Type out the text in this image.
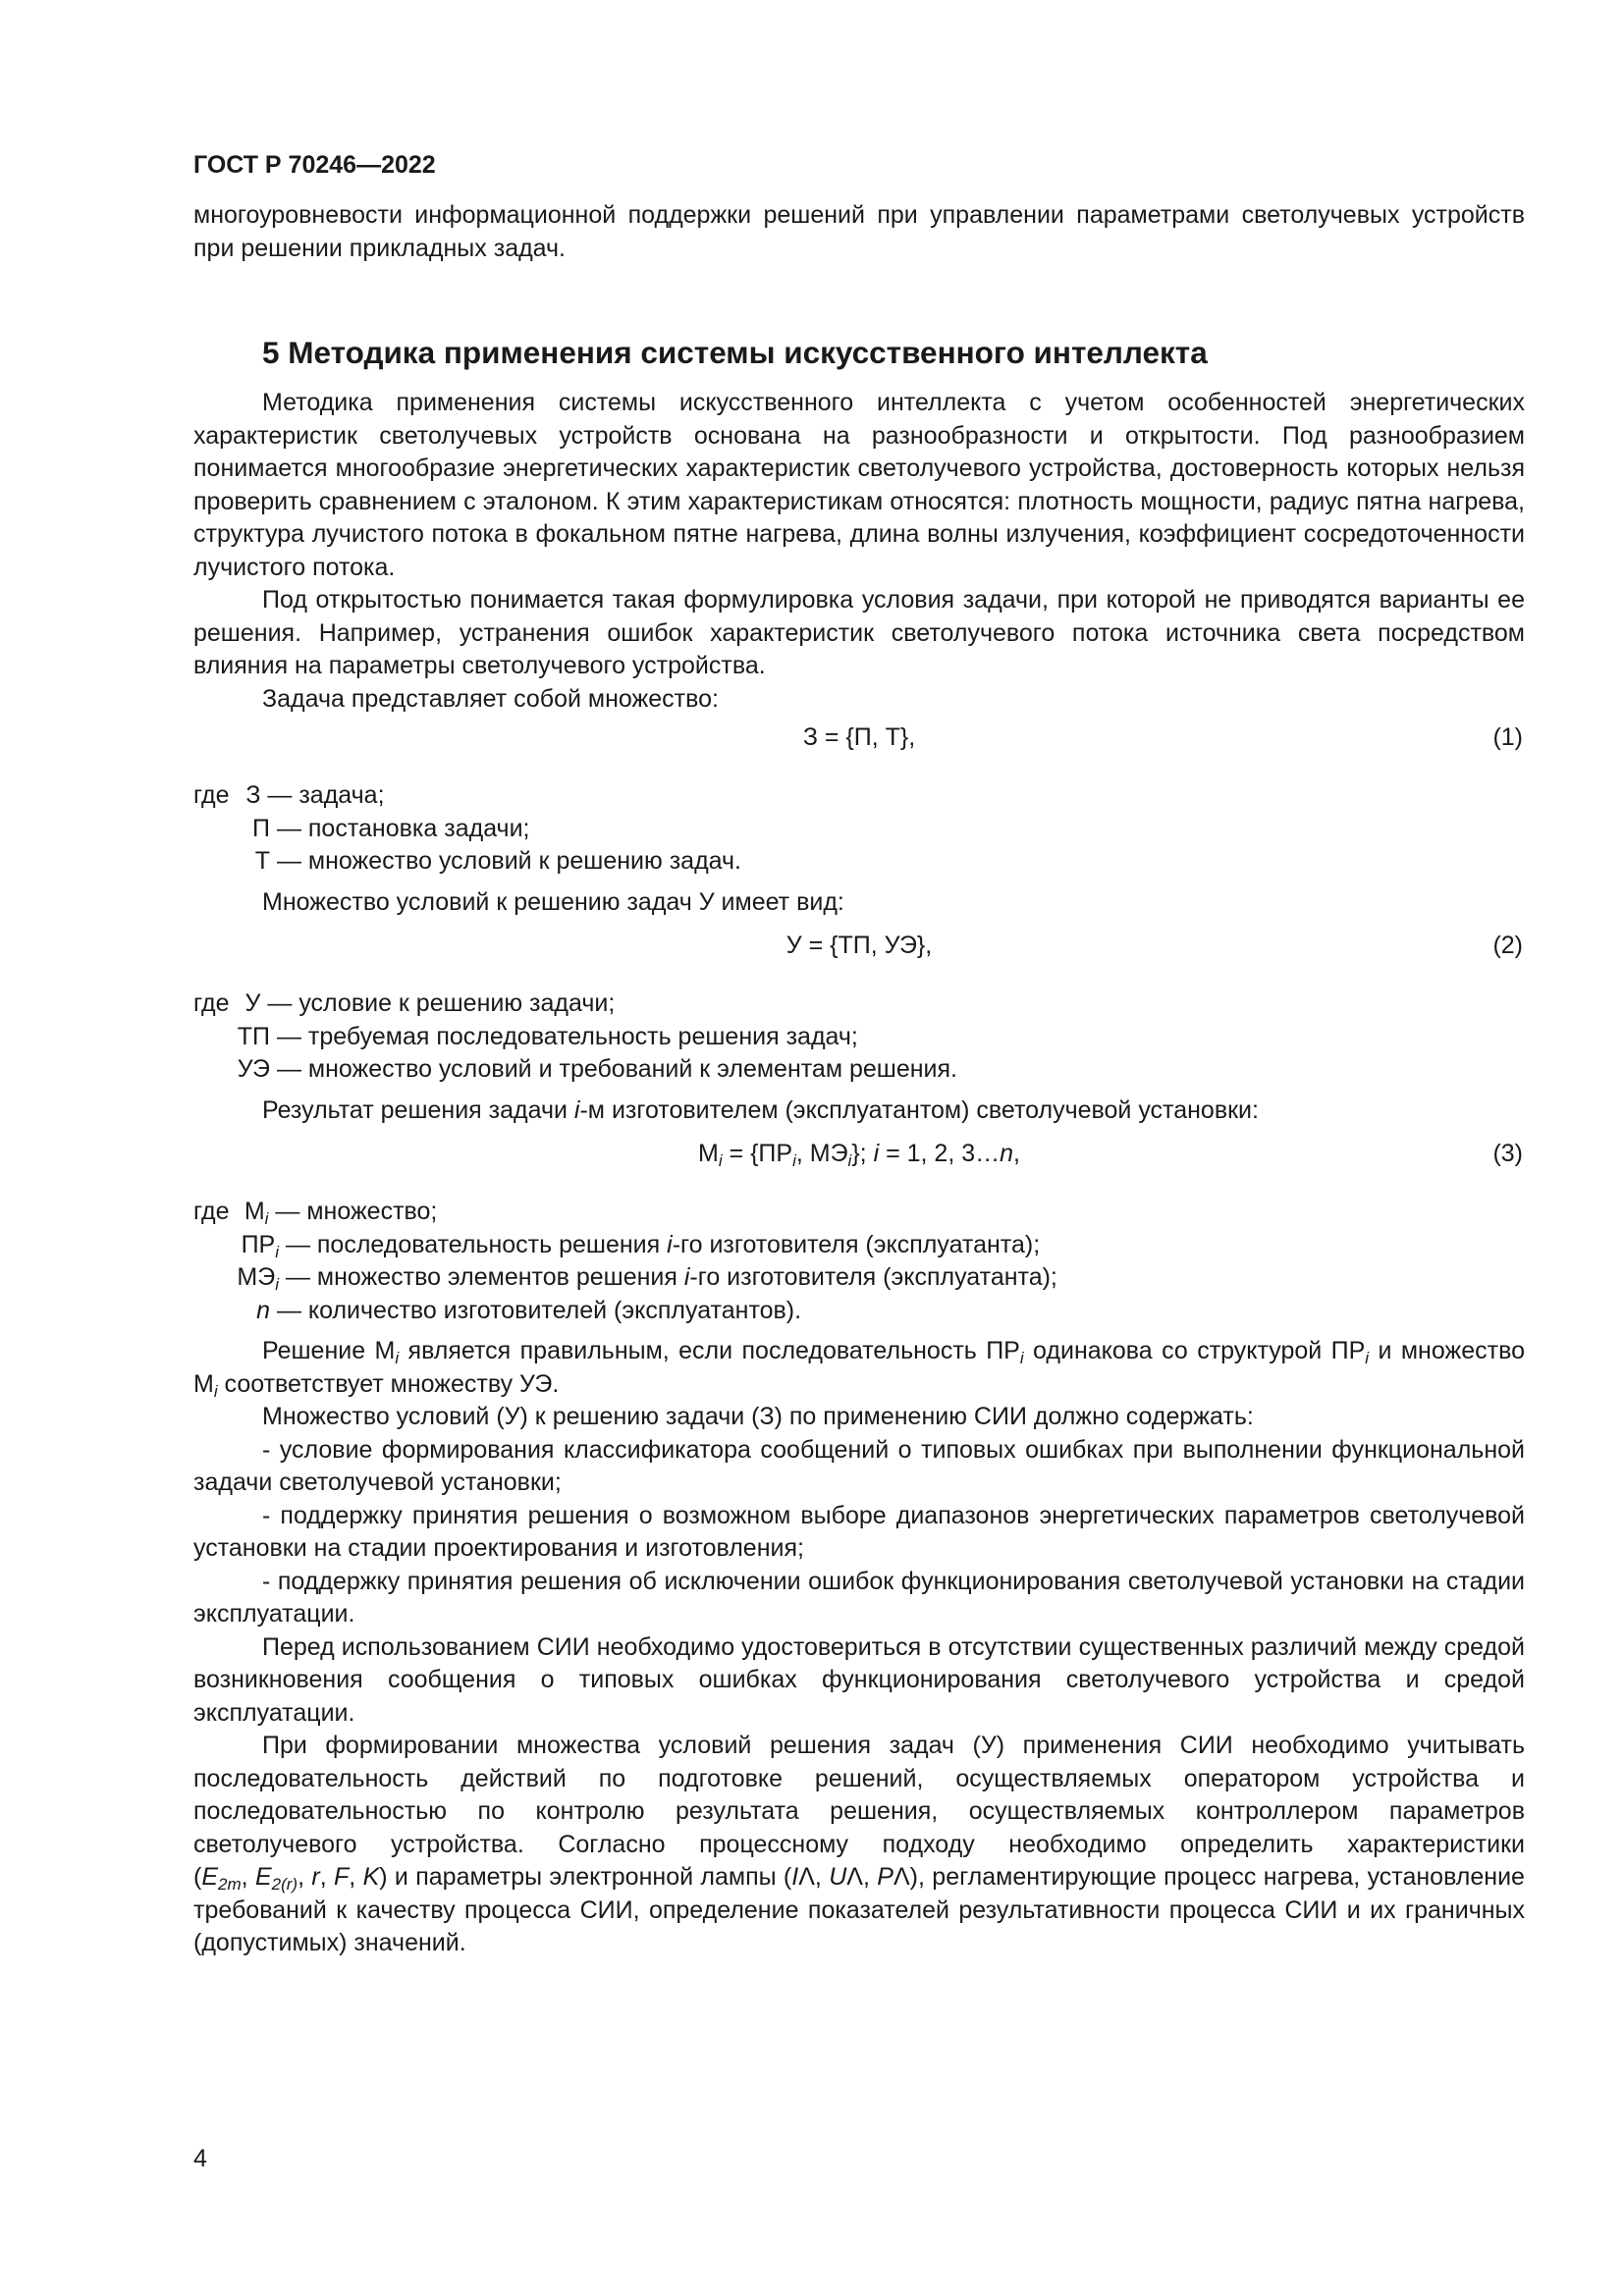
ГОСТ Р 70246—2022

многоуровневости информационной поддержки решений при управлении параметрами светолучевых устройств при решении прикладных задач.

5 Методика применения системы искусственного интеллекта

Методика применения системы искусственного интеллекта с учетом особенностей энергетических характеристик светолучевых устройств основана на разнообразности и открытости. Под разнообразием понимается многообразие энергетических характеристик светолучевого устройства, достоверность которых нельзя проверить сравнением с эталоном. К этим характеристикам относятся: плотность мощности, радиус пятна нагрева, структура лучистого потока в фокальном пятне нагрева, длина волны излучения, коэффициент сосредоточенности лучистого потока.

Под открытостью понимается такая формулировка условия задачи, при которой не приводятся варианты ее решения. Например, устранения ошибок характеристик светолучевого потока источника света посредством влияния на параметры светолучевого устройства.

Задача представляет собой множество:

З = {П, Т},	(1)
где З — задача;
П — постановка задачи;
Т — множество условий к решению задач.

Множество условий к решению задач У имеет вид:

У = {ТП, УЭ},	(2)
где У — условие к решению задачи;
ТП — требуемая последовательность решения задач;
УЭ — множество условий и требований к элементам решения.

Результат решения задачи i-м изготовителем (эксплуатантом) светолучевой установки:

$М_i = \{ПР_i$, $МЭ_i$}; i = 1, 2, 3…n,	(3)
где $М_i$ — множество;
$ПР_i$ — последовательность решения i-го изготовителя (эксплуатанта);
$МЭ_i$ — множество элементов решения i-го изготовителя (эксплуатанта);
n — количество изготовителей (эксплуатантов).

Решение $М_i$ является правильным, если последовательность $ПР_i$ одинакова со структурой $ПР_i$ и множество $М_i$ соответствует множеству УЭ.

Множество условий (У) к решению задачи (З) по применению СИИ должно содержать:

- условие формирования классификатора сообщений о типовых ошибках при выполнении функциональной задачи светолучевой установки;

- поддержку принятия решения о возможном выборе диапазонов энергетических параметров светолучевой установки на стадии проектирования и изготовления;

- поддержку принятия решения об исключении ошибок функционирования светолучевой установки на стадии эксплуатации.

Перед использованием СИИ необходимо удостовериться в отсутствии существенных различий между средой возникновения сообщения о типовых ошибках функционирования светолучевого устройства и средой эксплуатации.

При формировании множества условий решения задач (У) применения СИИ необходимо учитывать последовательность действий по подготовке решений, осуществляемых оператором устройства и последовательностью по контролю результата решения, осуществляемых контроллером параметров светолучевого устройства. Согласно процессному подходу необходимо определить характеристики ($E_{2m}$, $E_{2(r)}$, r, F, K) и параметры электронной лампы (IΛ, UΛ, PΛ), регламентирующие процесс нагрева, установление требований к качеству процесса СИИ, определение показателей результативности процесса СИИ и их граничных (допустимых) значений.

4
